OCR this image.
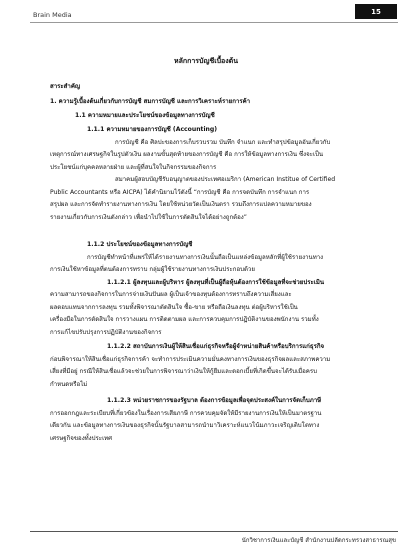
Brain Media	15
หลักการบัญชีเบื้องต้น
สาระสำคัญ
1. ความรู้เบื้องต้นเกี่ยวกับการบัญชี สมการบัญชี และการวิเคราะห์รายการค้า
1.1 ความหมายและประโยชน์ของข้อมูลทางการบัญชี
1.1.1 ความหมายของการบัญชี (Accounting)
การบัญชี คือ ศิลปะของการเก็บรวบรวม บันทึก จำแนก และทำสรุปข้อมูลอันเกี่ยวกับ
เหตุการณ์ทางเศรษฐกิจในรูปตัวเงิน ผลงานขั้นสุดท้ายของการบัญชี คือ การให้ข้อมูลทางการเงิน ซึ่งจะเป็น
ประโยชน์แก่บุคคลหลายฝ่าย และผู้ที่สนใจในกิจกรรมของกิจการ
สมาคมผู้สอบบัญชีรับอนุญาตของประเทศอเมริกา (American Institue of Certified
Public Accountants หรือ AICPA) ได้คำนิยามไว้ดังนี้ “การบัญชี คือ การจดบันทึก การจำแนก การ
สรุปผล และการจัดทำรายงานทางการเงิน โดยใช้หน่วยวัดเป็นเงินตรา รวมถึงการแปลความหมายของ
รายงานเกี่ยวกับการเงินดังกล่าว เพื่อนำไปใช้ในการตัดสินใจได้อย่างถูกต้อง”
1.1.2 ประโยชน์ของข้อมูลทางการบัญชี
การบัญชีทำหน้าที่แพร่ให้ได้รายงานทางการเงินนั้นถือเป็นแหล่งข้อมูลหลักที่ผู้ใช้รายงานทาง
การเงินใช้หาข้อมูลที่ตนต้องการทราบ กลุ่มผู้ใช้รายงานทางการเงินประกอบด้วย
1.1.2.1 ผู้ลงทุนและผู้บริหาร ผู้ลงทุนที่เป็นผู้ถือหุ้นต้องการใช้ข้อมูลที่จะช่วยประเมิน
ความสามารถของกิจการในการจ่ายเงินปันผล ผู้เป็นเจ้าของทุนต้องการทราบถึงความเสี่ยงและ
ผลตอบแทนจากการลงทุน รวมทั้งพิจารณาตัดสินใจ ซื้อ-ขาย หรือถือเงินลงทุน ต่อผู้บริหารใช้เป็น
เครื่องมือในการตัดสินใจ การวางแผน การติดตามผล และการควบคุมการปฏิบัติงานของพนักงาน รวมทั้ง
การแก้ไขปรับปรุงการปฏิบัติงานของกิจการ
1.1.2.2 สถาบันการเงินผู้ให้สินเชื่อแก่ธุรกิจหรือผู้จำหน่ายสินค้าหรือบริการแก่ธุรกิจ
ก่อนพิจารณาให้สินเชื่อแก่ธุรกิจการค้า จะทำการประเมินความมั่นคงทางการเงินของธุรกิจผลและสภาพความ
เสี่ยงที่มีอยู่ กรณีให้สินเชื่อแล้วจะช่วยในการพิจารณาว่าเงินให้กู้ยืมและดอกเบี้ยที่เกิดขึ้นจะได้รับเมื่อครบ
กำหนดหรือไม่
1.1.2.3 หน่วยราชการของรัฐบาล ต้องการข้อมูลเพื่อจุดประสงค์ในการจัดเก็บภาษี
การออกกฎและระเบียบที่เกี่ยวข้องในเรื่องการเสียภาษี การควบคุมจัดให้มีรายงานการเงินให้เป็นมาตรฐาน
เดียวกัน และข้อมูลทางการเงินของธุรกิจนั้นรัฐบาลสามารถนำมาวิเคราะห์แนวโน้มภาวะเจริญเติบโตทาง
เศรษฐกิจของทั้งประเทศ
นักวิชาการเงินและบัญชี สำนักงานปลัดกระทรวงสาธารณสุข
